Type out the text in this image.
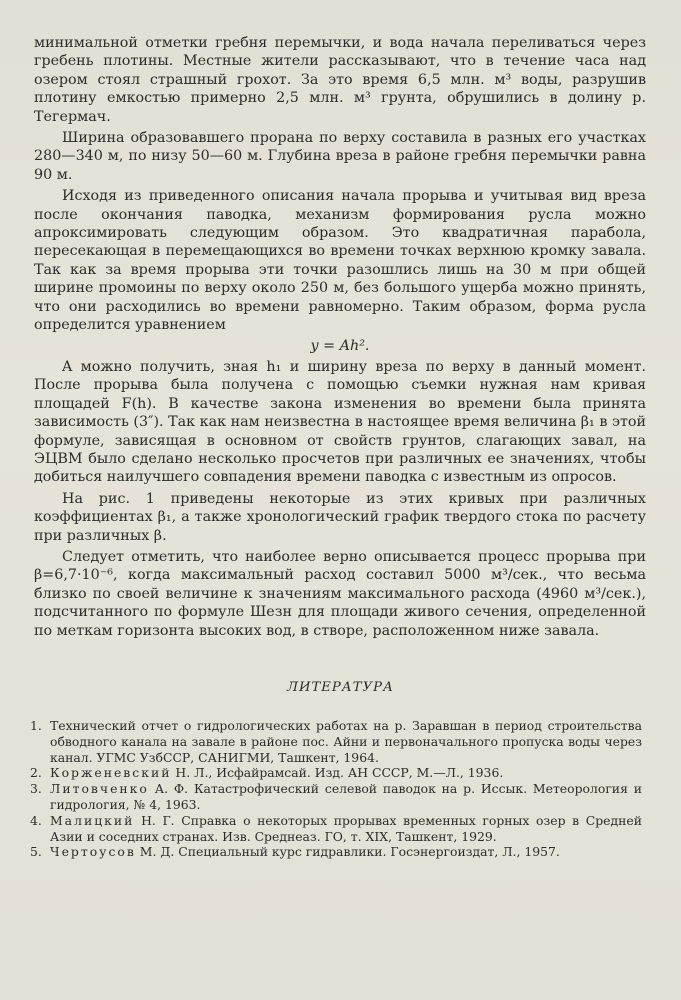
минимальной отметки гребня перемычки, и вода начала переливаться через гребень плотины. Местные жители рассказывают, что в течение часа над озером стоял страшный грохот. За это время 6,5 млн. м³ воды, разрушив плотину емкостью примерно 2,5 млн. м³ грунта, обрушились в долину р. Тегермач.

Ширина образовавшего прорана по верху составила в разных его участках 280—340 м, по низу 50—60 м. Глубина вреза в районе гребня перемычки равна 90 м.

Исходя из приведенного описания начала прорыва и учитывая вид вреза после окончания паводка, механизм формирования русла можно апроксимировать следующим образом. Это квадратичная парабола, пересекающая в перемещающихся во времени точках верхнюю кромку завала. Так как за время прорыва эти точки разошлись лишь на 30 м при общей ширине промоины по верху около 250 м, без большого ущерба можно принять, что они расходились во времени равномерно. Таким образом, форма русла определится уравнением

y = Ah².

A можно получить, зная h₁ и ширину вреза по верху в данный момент. После прорыва была получена с помощью съемки нужная нам кривая площадей F(h). В качестве закона изменения во времени была принята зависимость (3″). Так как нам неизвестна в настоящее время величина β₁ в этой формуле, зависящая в основном от свойств грунтов, слагающих завал, на ЭЦВМ было сделано несколько просчетов при различных ее значениях, чтобы добиться наилучшего совпадения времени паводка с известным из опросов.

На рис. 1 приведены некоторые из этих кривых при различных коэффициентах β₁, а также хронологический график твердого стока по расчету при различных β.

Следует отметить, что наиболее верно описывается процесс прорыва при β=6,7·10⁻⁶, когда максимальный расход составил 5000 м³/сек., что весьма близко по своей величине к значениям максимального расхода (4960 м³/сек.), подсчитанного по формуле Шезн для площади живого сечения, определенной по меткам горизонта высоких вод, в створе, расположенном ниже завала.

ЛИТЕРАТУРА
1. Технический отчет о гидрологических работах на р. Заравшан в период строительства обводного канала на завале в районе пос. Айни и первоначального пропуска воды через канал. УГМС УзбССР, САНИГМИ, Ташкент, 1964.
2. Корженевский Н. Л., Исфайрамсай. Изд. АН СССР, М.—Л., 1936.
3. Литовченко А. Ф. Катастрофический селевой паводок на р. Иссык. Метеорология и гидрология, № 4, 1963.
4. Малицкий Н. Г. Справка о некоторых прорывах временных горных озер в Средней Азии и соседних странах. Изв. Среднеаз. ГО, т. XIX, Ташкент, 1929.
5. Чертоусов М. Д. Специальный курс гидравлики. Госэнергоиздат, Л., 1957.
